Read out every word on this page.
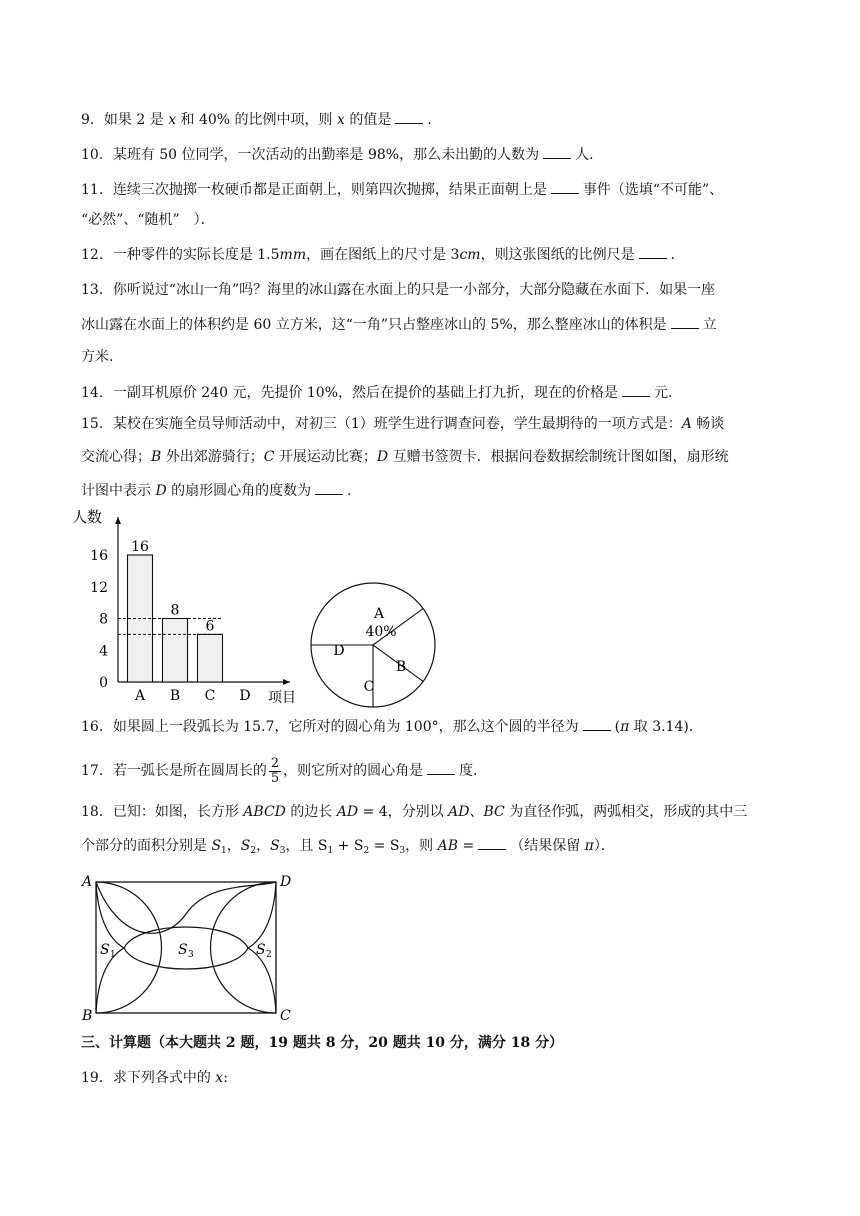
9．如果 2 是 x 和 40% 的比例中项，则 x 的值是	．
10．某班有 50 位同学，一次活动的出勤率是 98%，那么未出勤的人数为	人．
11．连续三次抛掷一枚硬币都是正面朝上，则第四次抛掷，结果正面朝上是	事件（选填“不可能”、
“必然”、“随机”　）．
12．一种零件的实际长度是 1.5mm，画在图纸上的尺寸是 3cm，则这张图纸的比例尺是	．
13．你听说过“冰山一角”吗？海里的冰山露在水面上的只是一小部分，大部分隐藏在水面下．如果一座
冰山露在水面上的体积约是 60 立方米，这“一角”只占整座冰山的 5%，那么整座冰山的体积是	立
方米．
14．一副耳机原价 240 元，先提价 10%，然后在提价的基础上打九折，现在的价格是	元．
15．某校在实施全员导师活动中，对初三（1）班学生进行调查问卷，学生最期待的一项方式是：A 畅谈
交流心得；B 外出郊游骑行；C 开展运动比赛；D 互赠书签贺卡．根据问卷数据绘制统计图如图，扇形统
计图中表示 D 的扇形圆心角的度数为	．
人数
项目
0
4
8
12
16
A
16
B
8
C
6
D
A
40%
B
C
D
16．如果圆上一段弧长为 15.7，它所对的圆心角为 100°，那么这个圆的半径为	(π 取 3.14)．
17．若一弧长是所在圆周长的 $\frac{2}{5}$ ，则它所对的圆心角是	度．
18．已知：如图，长方形 ABCD 的边长 AD = 4，分别以 AD、BC 为直径作弧，两弧相交，形成的其中三
个部分的面积分别是 $S_1$，$S_2$，$S_3$，且 $S_1 + S_2 = S_3$，则 AB =	（结果保留 π）．
A	D
B	C
S 1	S 2
S 3
三、计算题（本大题共 2 题，19 题共 8 分，20 题共 10 分，满分 18 分）
19．求下列各式中的 x:
